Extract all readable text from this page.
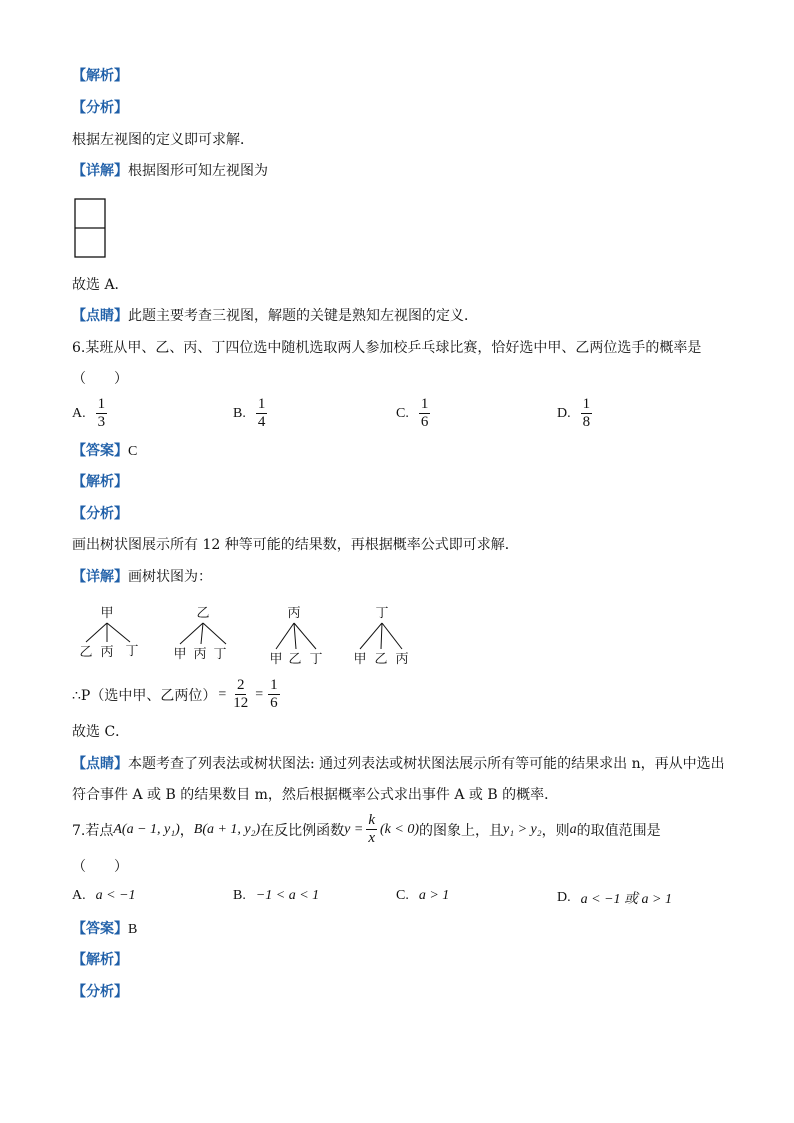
【解析】
【分析】
根据左视图的定义即可求解．
【详解】根据图形可知左视图为
故选 A．
【点睛】此题主要考查三视图，解题的关键是熟知左视图的定义．
6.某班从甲、乙、丙、丁四位选中随机选取两人参加校乒乓球比赛，恰好选中甲、乙两位选手的概率是
（　　）
A. $\frac{1}{3}$	B. $\frac{1}{4}$	C. $\frac{1}{6}$	D. $\frac{1}{8}$
【答案】C
【解析】
【分析】
画出树状图展示所有 12 种等可能的结果数，再根据概率公式即可求解．
【详解】画树状图为：
甲
乙 丙 丁
乙
甲 丙 丁
丙
甲 乙 丁
丁
甲 乙 丙
∴P（选中甲、乙两位） = $\frac{2}{12} = \frac{1}{6}$
故选 C．
【点睛】本题考查了列表法或树状图法: 通过列表法或树状图法展示所有等可能的结果求出 n，再从中选出
符合事件 A 或 B 的结果数目 m，然后根据概率公式求出事件 A 或 B 的概率．
7.若点 A(a − 1, y₁) ， B(a + 1, y₂) 在反比例函数 $y = \frac{k}{x} (k < 0)$ 的图象上，且 y₁ > y₂ ，则 a 的取值范围是
（　　）
A. a < −1	B. −1 < a < 1	C. a > 1	D. a < −1 或 a > 1
【答案】B
【解析】
【分析】
